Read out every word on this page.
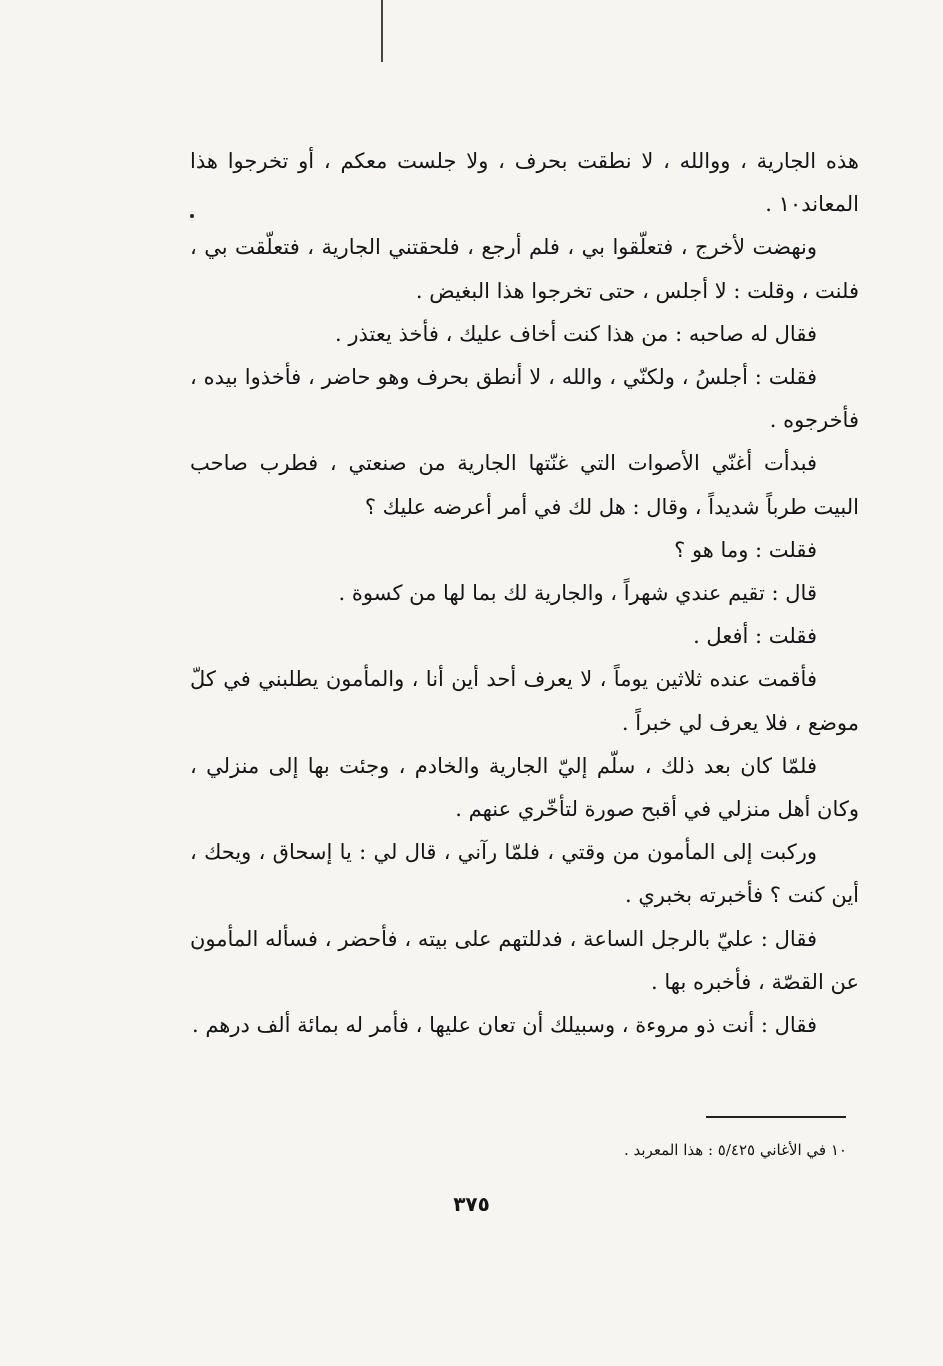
هذه الجارية ، ووالله ، لا نطقت بحرف ، ولا جلست معكم ، أو تخرجوا هذا المعاند١٠ .

ونهضت لأخرج ، فتعلّقوا بي ، فلم أرجع ، فلحقتني الجارية ، فتعلّقت بي ، فلنت ، وقلت : لا أجلس ، حتى تخرجوا هذا البغيض .

فقال له صاحبه : من هذا كنت أخاف عليك ، فأخذ يعتذر .

فقلت : أجلسُ ، ولكنّي ، والله ، لا أنطق بحرف وهو حاضر ، فأخذوا بيده ، فأخرجوه .

فبدأت أغنّي الأصوات التي غنّتها الجارية من صنعتي ، فطرب صاحب البيت طرباً شديداً ، وقال : هل لك في أمر أعرضه عليك ؟

فقلت : وما هو ؟

قال : تقيم عندي شهراً ، والجارية لك بما لها من كسوة .

فقلت : أفعل .

فأقمت عنده ثلاثين يوماً ، لا يعرف أحد أين أنا ، والمأمون يطلبني في كلّ موضع ، فلا يعرف لي خبراً .

فلمّا كان بعد ذلك ، سلّم إليّ الجارية والخادم ، وجئت بها إلى منزلي ، وكان أهل منزلي في أقبح صورة لتأخّري عنهم .

وركبت إلى المأمون من وقتي ، فلمّا رآني ، قال لي : يا إسحاق ، ويحك ، أين كنت ؟ فأخبرته بخبري .

فقال : عليّ بالرجل الساعة ، فدللتهم على بيته ، فأحضر ، فسأله المأمون عن القصّة ، فأخبره بها .

فقال : أنت ذو مروءة ، وسبيلك أن تعان عليها ، فأمر له بمائة ألف درهم .

١٠ في الأغاني ٥/٤٢٥ : هذا المعربد .
٣٧٥
